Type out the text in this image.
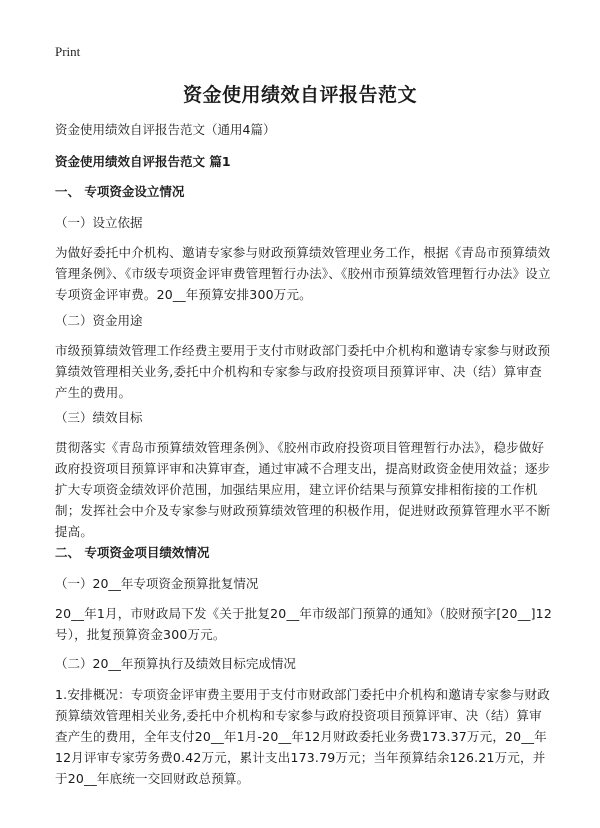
Print
资金使用绩效自评报告范文
资金使用绩效自评报告范文（通用4篇）
资金使用绩效自评报告范文 篇1
一、 专项资金设立情况
（一）设立依据

为做好委托中介机构、邀请专家参与财政预算绩效管理业务工作，根据《青岛市预算绩效管理条例》、《市级专项资金评审费管理暂行办法》、《胶州市预算绩效管理暂行办法》设立专项资金评审费。20__年预算安排300万元。

（二）资金用途

市级预算绩效管理工作经费主要用于支付市财政部门委托中介机构和邀请专家参与财政预算绩效管理相关业务,委托中介机构和专家参与政府投资项目预算评审、决（结）算审查产生的费用。

（三）绩效目标

贯彻落实《青岛市预算绩效管理条例》、《胶州市政府投资项目管理暂行办法》，稳步做好政府投资项目预算评审和决算审查，通过审减不合理支出，提高财政资金使用效益；逐步扩大专项资金绩效评价范围，加强结果应用，建立评价结果与预算安排相衔接的工作机制；发挥社会中介及专家参与财政预算绩效管理的积极作用，促进财政预算管理水平不断提高。

二、 专项资金项目绩效情况
（一）20__年专项资金预算批复情况

20__年1月，市财政局下发《关于批复20__年市级部门预算的通知》（胶财预字[20__]12号），批复预算资金300万元。

（二）20__年预算执行及绩效目标完成情况

1.安排概况：专项资金评审费主要用于支付市财政部门委托中介机构和邀请专家参与财政预算绩效管理相关业务,委托中介机构和专家参与政府投资项目预算评审、决（结）算审查产生的费用，全年支付20__年1月-20__年12月财政委托业务费173.37万元，20__年12月评审专家劳务费0.42万元，累计支出173.79万元；当年预算结余126.21万元，并于20__年底统一交回财政总预算。
